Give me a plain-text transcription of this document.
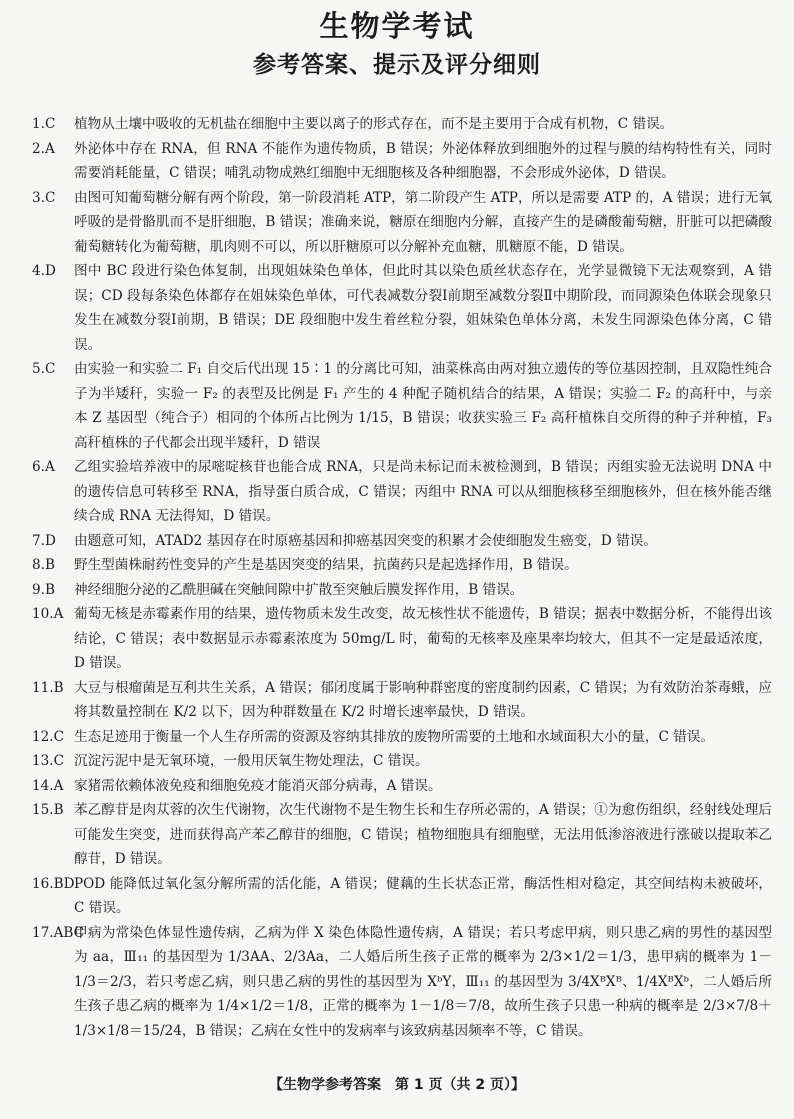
生物学考试
参考答案、提示及评分细则
1.C 植物从土壤中吸收的无机盐在细胞中主要以离子的形式存在，而不是主要用于合成有机物，C 错误。
2.A 外泌体中存在 RNA，但 RNA 不能作为遗传物质，B 错误；外泌体释放到细胞外的过程与膜的结构特性有关，同时需要消耗能量，C 错误；哺乳动物成熟红细胞中无细胞核及各种细胞器，不会形成外泌体，D 错误。
3.C 由图可知葡萄糖分解有两个阶段，第一阶段消耗 ATP，第二阶段产生 ATP，所以是需要 ATP 的，A 错误；进行无氧呼吸的是骨骼肌而不是肝细胞，B 错误；准确来说，糖原在细胞内分解，直接产生的是磷酸葡萄糖，肝脏可以把磷酸葡萄糖转化为葡萄糖，肌肉则不可以，所以肝糖原可以分解补充血糖，肌糖原不能，D 错误。
4.D 图中 BC 段进行染色体复制，出现姐妹染色单体，但此时其以染色质丝状态存在，光学显微镜下无法观察到，A 错误；CD 段每条染色体都存在姐妹染色单体，可代表减数分裂Ⅰ前期至减数分裂Ⅱ中期阶段，而同源染色体联会现象只发生在减数分裂Ⅰ前期，B 错误；DE 段细胞中发生着丝粒分裂，姐妹染色单体分离，未发生同源染色体分离，C 错误。
5.C 由实验一和实验二 F₁ 自交后代出现 15∶1 的分离比可知，油菜株高由两对独立遗传的等位基因控制，且双隐性纯合子为半矮秆，实验一 F₂ 的表型及比例是 F₁ 产生的 4 种配子随机结合的结果，A 错误；实验二 F₂ 的高秆中，与亲本 Z 基因型（纯合子）相同的个体所占比例为 1/15，B 错误；收获实验三 F₂ 高秆植株自交所得的种子并种植，F₃ 高秆植株的子代都会出现半矮秆，D 错误
6.A 乙组实验培养液中的尿嘧啶核苷也能合成 RNA，只是尚未标记而未被检测到，B 错误；丙组实验无法说明 DNA 中的遗传信息可转移至 RNA，指导蛋白质合成，C 错误；丙组中 RNA 可以从细胞核移至细胞核外，但在核外能否继续合成 RNA 无法得知，D 错误。
7.D 由题意可知，ATAD2 基因存在时原癌基因和抑癌基因突变的积累才会使细胞发生癌变，D 错误。
8.B 野生型菌株耐药性变异的产生是基因突变的结果，抗菌药只是起选择作用，B 错误。
9.B 神经细胞分泌的乙酰胆碱在突触间隙中扩散至突触后膜发挥作用，B 错误。
10.A 葡萄无核是赤霉素作用的结果，遗传物质未发生改变，故无核性状不能遗传，B 错误；据表中数据分析，不能得出该结论，C 错误；表中数据显示赤霉素浓度为 50mg/L 时，葡萄的无核率及座果率均较大，但其不一定是最适浓度，D 错误。
11.B 大豆与根瘤菌是互利共生关系，A 错误；郁闭度属于影响种群密度的密度制约因素，C 错误；为有效防治茶毒蛾，应将其数量控制在 K/2 以下，因为种群数量在 K/2 时增长速率最快，D 错误。
12.C 生态足迹用于衡量一个人生存所需的资源及容纳其排放的废物所需要的土地和水域面积大小的量，C 错误。
13.C 沉淀污泥中是无氧环境，一般用厌氧生物处理法，C 错误。
14.A 家猪需依赖体液免疫和细胞免疫才能消灭部分病毒，A 错误。
15.B 苯乙醇苷是肉苁蓉的次生代谢物，次生代谢物不是生物生长和生存所必需的，A 错误；①为愈伤组织，经射线处理后可能发生突变，进而获得高产苯乙醇苷的细胞，C 错误；植物细胞具有细胞壁，无法用低渗溶液进行涨破以提取苯乙醇苷，D 错误。
16.BD POD 能降低过氧化氢分解所需的活化能，A 错误；健藕的生长状态正常，酶活性相对稳定，其空间结构未被破坏，C 错误。
17.ABC
甲病为常染色体显性遗传病，乙病为伴 X 染色体隐性遗传病，A 错误；若只考虑甲病，则只患乙病的男性的基因型为 aa，Ⅲ₁₁ 的基因型为 1/3AA、2/3Aa，二人婚后所生孩子正常的概率为 2/3×1/2＝1/3，患甲病的概率为 1－1/3＝2/3，若只考虑乙病，则只患乙病的男性的基因型为 XᵇY，Ⅲ₁₁ 的基因型为 3/4XᴮXᴮ、1/4XᴮXᵇ，二人婚后所生孩子患乙病的概率为 1/4×1/2＝1/8，正常的概率为 1－1/8＝7/8，故所生孩子只患一种病的概率是 2/3×7/8＋1/3×1/8＝15/24，B 错误；乙病在女性中的发病率与该致病基因频率不等，C 错误。
【生物学参考答案　第 1 页（共 2 页）】
